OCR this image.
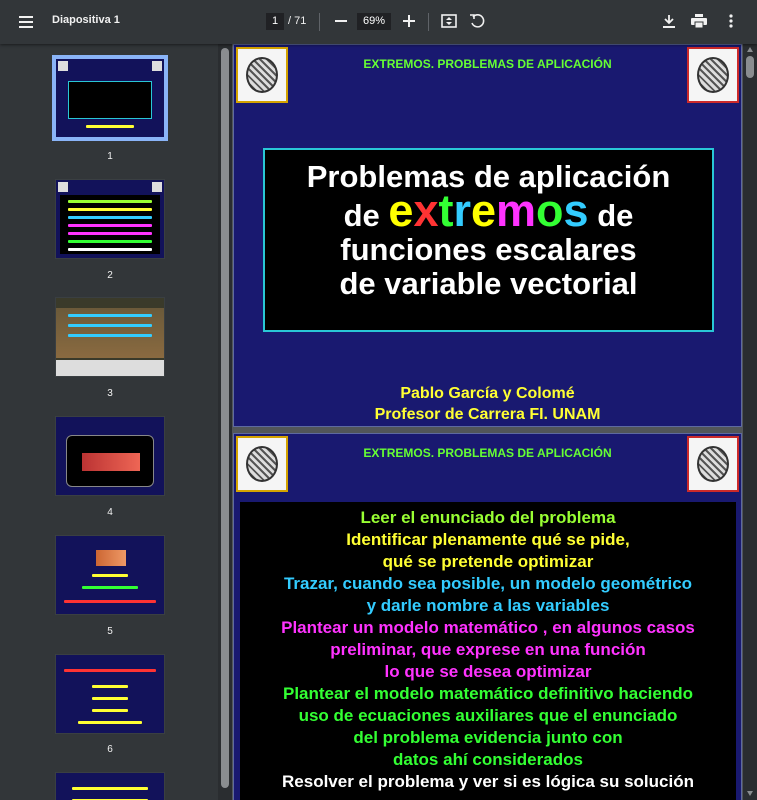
Diapositiva 1	1 / 71	69%
1
2
3
4
5
6
EXTREMOS. PROBLEMAS DE APLICACIÓN
Problemas de aplicación
de extremos de
funciones escalares
de variable vectorial
Pablo García y Colomé
Profesor de Carrera FI. UNAM
EXTREMOS. PROBLEMAS DE APLICACIÓN
Leer el enunciado del problema
Identificar plenamente qué se pide,
qué se pretende optimizar
Trazar, cuando sea posible, un modelo geométrico
y darle nombre a las variables
Plantear un modelo matemático , en algunos casos
preliminar, que exprese en una función
lo que se desea optimizar
Plantear el modelo matemático definitivo haciendo
uso de ecuaciones auxiliares que el enunciado
del problema evidencia junto con
datos ahí considerados
Resolver el problema y ver si es lógica su solución
